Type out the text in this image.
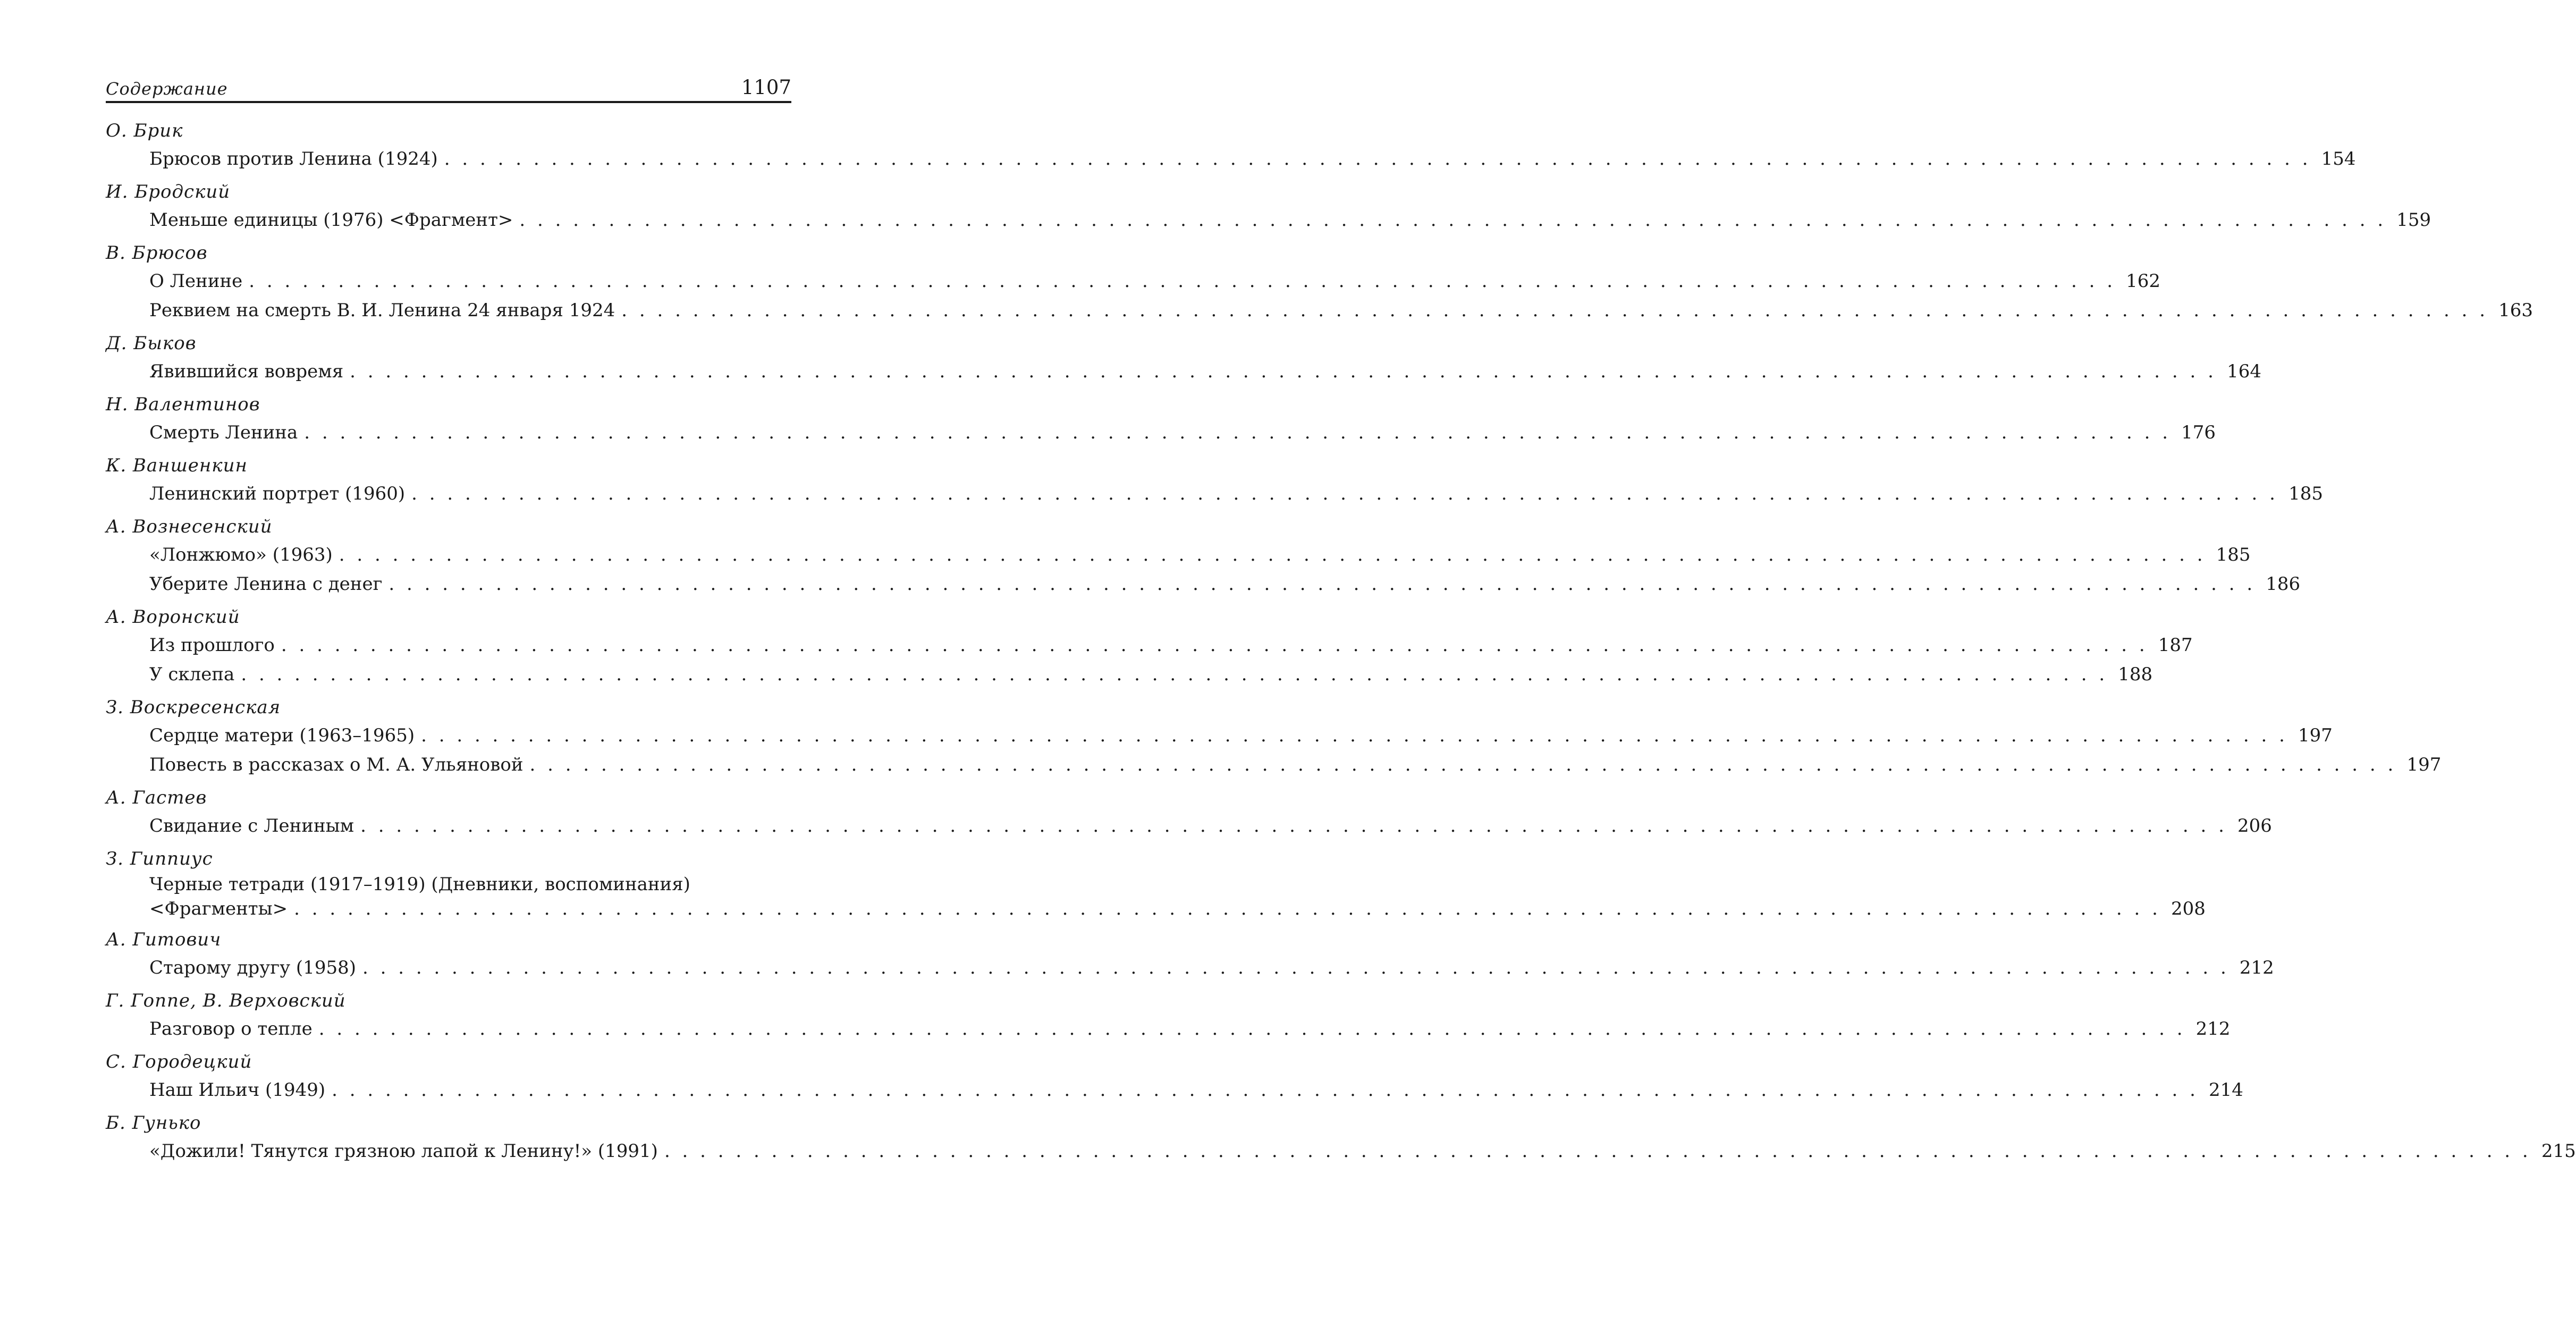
Содержание	1107
О. Брик
Брюсов против Ленина (1924) . . . . . . . . . . . . . . . . . . . . . . . . . . . . . . . . . . . . . . . . . . . . . . . . . . . . . . . . . . . . . . . . . . . . . . . . . . . . . . . . . . . . . . . . . . . . . . . . . . . . . . . . . 154
И. Бродский
Меньше единицы (1976) <Фрагмент> . . . . . . . . . . . . . . . . . . . . . . . . . . . . . . . . . . . . . . . . . . . . . . . . . . . . . . . . . . . . . . . . . . . . . . . . . . . . . . . . . . . . . . . . . . . . . . . . . . . . . . . . . 159
В. Брюсов
О Ленине . . . . . . . . . . . . . . . . . . . . . . . . . . . . . . . . . . . . . . . . . . . . . . . . . . . . . . . . . . . . . . . . . . . . . . . . . . . . . . . . . . . . . . . . . . . . . . . . . . . . . . . . . 162
Реквием на смерть В. И. Ленина 24 января 1924 . . . . . . . . . . . . . . . . . . . . . . . . . . . . . . . . . . . . . . . . . . . . . . . . . . . . . . . . . . . . . . . . . . . . . . . . . . . . . . . . . . . . . . . . . . . . . . . . . . . . . . . . . 163
Д. Быков
Явившийся вовремя . . . . . . . . . . . . . . . . . . . . . . . . . . . . . . . . . . . . . . . . . . . . . . . . . . . . . . . . . . . . . . . . . . . . . . . . . . . . . . . . . . . . . . . . . . . . . . . . . . . . . . . . . 164
Н. Валентинов
Смерть Ленина . . . . . . . . . . . . . . . . . . . . . . . . . . . . . . . . . . . . . . . . . . . . . . . . . . . . . . . . . . . . . . . . . . . . . . . . . . . . . . . . . . . . . . . . . . . . . . . . . . . . . . . . . 176
К. Ваншенкин
Ленинский портрет (1960) . . . . . . . . . . . . . . . . . . . . . . . . . . . . . . . . . . . . . . . . . . . . . . . . . . . . . . . . . . . . . . . . . . . . . . . . . . . . . . . . . . . . . . . . . . . . . . . . . . . . . . . . . 185
А. Вознесенский
«Лонжюмо» (1963) . . . . . . . . . . . . . . . . . . . . . . . . . . . . . . . . . . . . . . . . . . . . . . . . . . . . . . . . . . . . . . . . . . . . . . . . . . . . . . . . . . . . . . . . . . . . . . . . . . . . . . . . . 185
Уберите Ленина с денег . . . . . . . . . . . . . . . . . . . . . . . . . . . . . . . . . . . . . . . . . . . . . . . . . . . . . . . . . . . . . . . . . . . . . . . . . . . . . . . . . . . . . . . . . . . . . . . . . . . . . . . . . 186
А. Воронский
Из прошлого . . . . . . . . . . . . . . . . . . . . . . . . . . . . . . . . . . . . . . . . . . . . . . . . . . . . . . . . . . . . . . . . . . . . . . . . . . . . . . . . . . . . . . . . . . . . . . . . . . . . . . . . . 187
У склепа . . . . . . . . . . . . . . . . . . . . . . . . . . . . . . . . . . . . . . . . . . . . . . . . . . . . . . . . . . . . . . . . . . . . . . . . . . . . . . . . . . . . . . . . . . . . . . . . . . . . . . . . . 188
З. Воскресенская
Сердце матери (1963–1965) . . . . . . . . . . . . . . . . . . . . . . . . . . . . . . . . . . . . . . . . . . . . . . . . . . . . . . . . . . . . . . . . . . . . . . . . . . . . . . . . . . . . . . . . . . . . . . . . . . . . . . . . . 197
Повесть в рассказах о М. А. Ульяновой . . . . . . . . . . . . . . . . . . . . . . . . . . . . . . . . . . . . . . . . . . . . . . . . . . . . . . . . . . . . . . . . . . . . . . . . . . . . . . . . . . . . . . . . . . . . . . . . . . . . . . . . . 197
А. Гастев
Свидание с Лениным . . . . . . . . . . . . . . . . . . . . . . . . . . . . . . . . . . . . . . . . . . . . . . . . . . . . . . . . . . . . . . . . . . . . . . . . . . . . . . . . . . . . . . . . . . . . . . . . . . . . . . . . . 206
З. Гиппиус
Черные тетради (1917–1919) (Дневники, воспоминания)
<Фрагменты> . . . . . . . . . . . . . . . . . . . . . . . . . . . . . . . . . . . . . . . . . . . . . . . . . . . . . . . . . . . . . . . . . . . . . . . . . . . . . . . . . . . . . . . . . . . . . . . . . . . . . . . . . 208
А. Гитович
Старому другу (1958) . . . . . . . . . . . . . . . . . . . . . . . . . . . . . . . . . . . . . . . . . . . . . . . . . . . . . . . . . . . . . . . . . . . . . . . . . . . . . . . . . . . . . . . . . . . . . . . . . . . . . . . . . 212
Г. Гоппе, В. Верховский
Разговор о тепле . . . . . . . . . . . . . . . . . . . . . . . . . . . . . . . . . . . . . . . . . . . . . . . . . . . . . . . . . . . . . . . . . . . . . . . . . . . . . . . . . . . . . . . . . . . . . . . . . . . . . . . . . 212
С. Городецкий
Наш Ильич (1949) . . . . . . . . . . . . . . . . . . . . . . . . . . . . . . . . . . . . . . . . . . . . . . . . . . . . . . . . . . . . . . . . . . . . . . . . . . . . . . . . . . . . . . . . . . . . . . . . . . . . . . . . . 214
Б. Гунько
«Дожили! Тянутся грязною лапой к Ленину!» (1991) . . . . . . . . . . . . . . . . . . . . . . . . . . . . . . . . . . . . . . . . . . . . . . . . . . . . . . . . . . . . . . . . . . . . . . . . . . . . . . . . . . . . . . . . . . . . . . . . . . . . . . . . . 215
